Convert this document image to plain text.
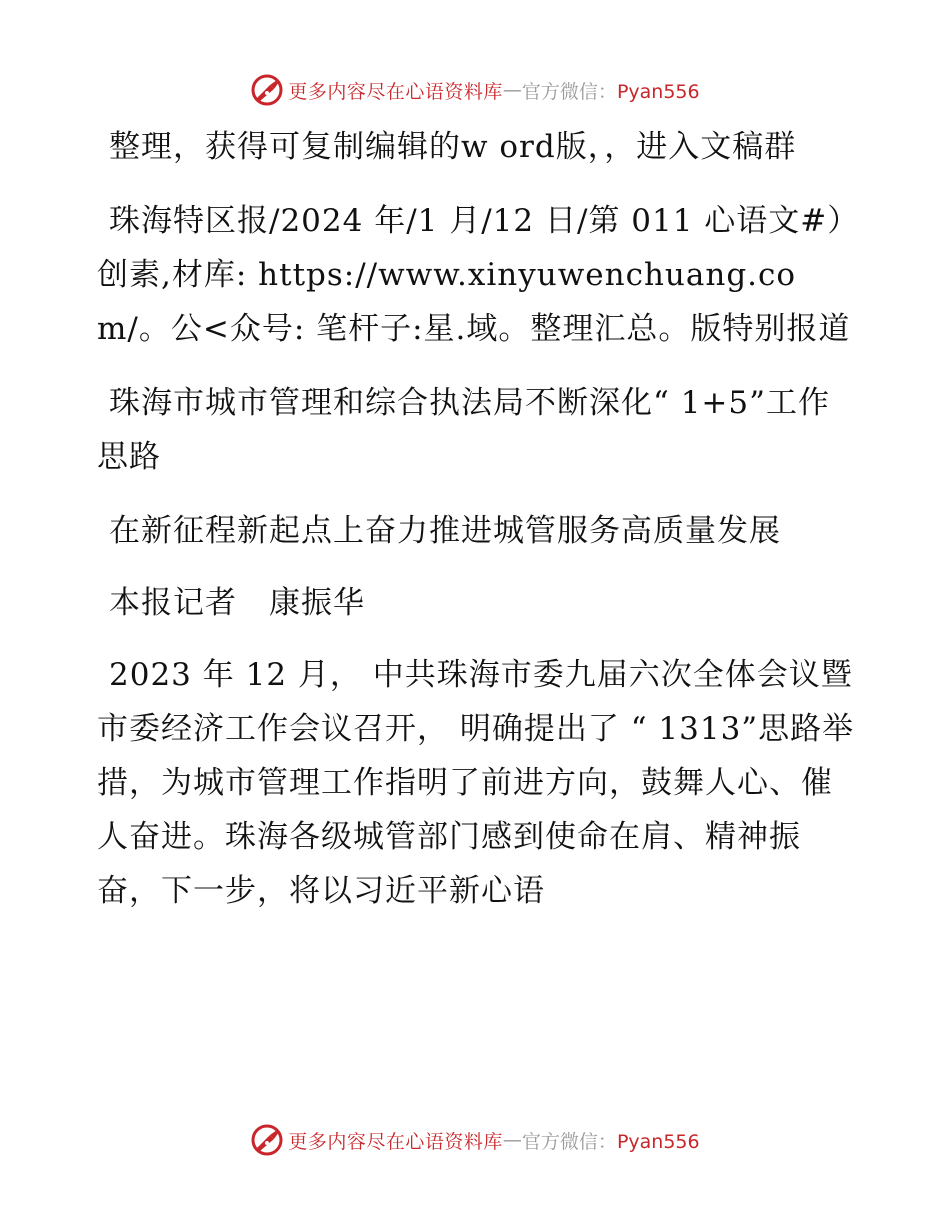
更多内容尽在心语资料库 — 官方微信：Pyan556

整理，获得可复制编辑的w ord版，，进入文稿群

珠海特区报/2024 年/1 月/12 日/第 011 心语文#）创素,材库: https://www.xinyuwenchuang.com/。公<众号: 笔杆子:星.域。整理汇总。版特别报道

珠海市城市管理和综合执法局不断深化“ 1+5”工作思路

在新征程新起点上奋力推进城管服务高质量发展

本报记者　康振华

2023 年 12 月， 中共珠海市委九届六次全体会议暨市委经济工作会议召开， 明确提出了 “ 1313”思路举措，为城市管理工作指明了前进方向，鼓舞人心、催人奋进。珠海各级城管部门感到使命在肩、精神振奋，下一步，将以习近平新心语

更多内容尽在心语资料库 — 官方微信：Pyan556
